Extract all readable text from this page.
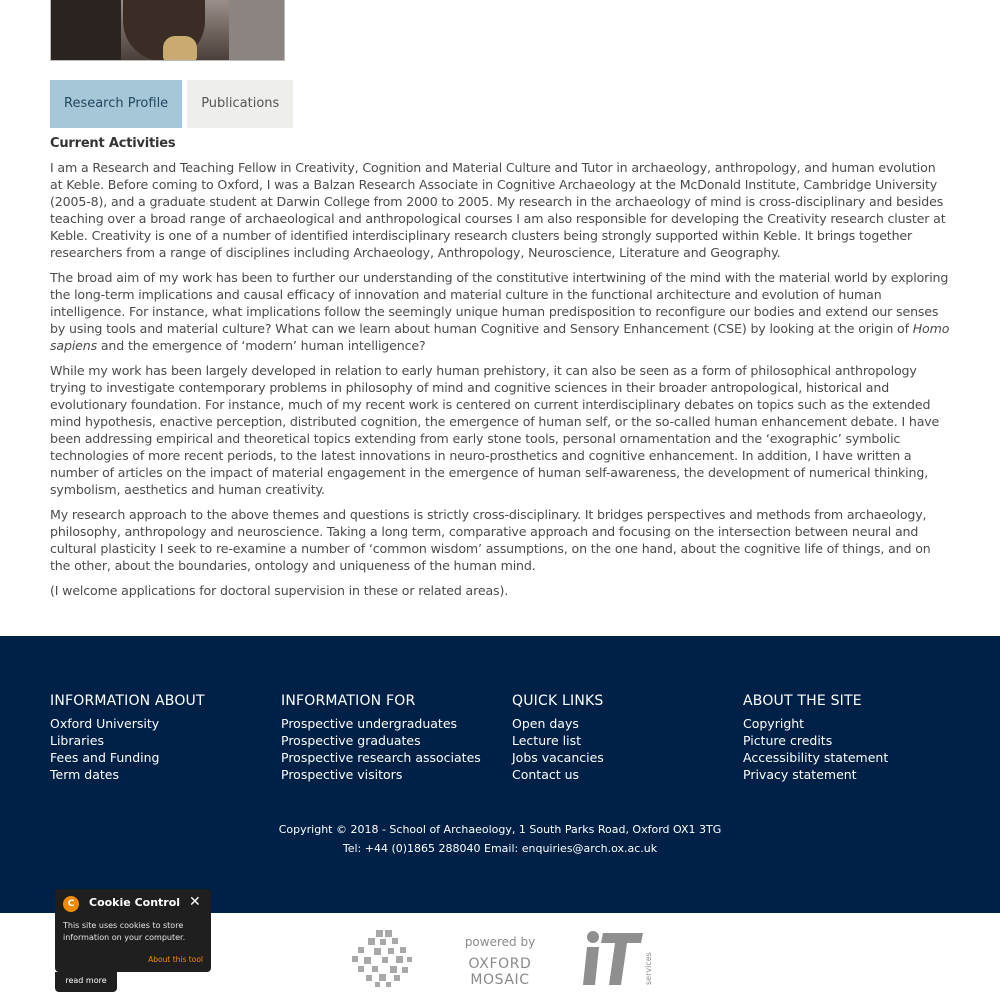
Research Profile	Publications
Current Activities

I am a Research and Teaching Fellow in Creativity, Cognition and Material Culture and Tutor in archaeology, anthropology, and human evolution at Keble. Before coming to Oxford, I was a Balzan Research Associate in Cognitive Archaeology at the McDonald Institute, Cambridge University (2005-8), and a graduate student at Darwin College from 2000 to 2005. My research in the archaeology of mind is cross-disciplinary and besides teaching over a broad range of archaeological and anthropological courses I am also responsible for developing the Creativity research cluster at Keble. Creativity is one of a number of identified interdisciplinary research clusters being strongly supported within Keble. It brings together researchers from a range of disciplines including Archaeology, Anthropology, Neuroscience, Literature and Geography.

The broad aim of my work has been to further our understanding of the constitutive intertwining of the mind with the material world by exploring the long-term implications and causal efficacy of innovation and material culture in the functional architecture and evolution of human intelligence. For instance, what implications follow the seemingly unique human predisposition to reconfigure our bodies and extend our senses by using tools and material culture? What can we learn about human Cognitive and Sensory Enhancement (CSE) by looking at the origin of Homo sapiens and the emergence of ‘modern’ human intelligence?

While my work has been largely developed in relation to early human prehistory, it can also be seen as a form of philosophical anthropology trying to investigate contemporary problems in philosophy of mind and cognitive sciences in their broader antropological, historical and evolutionary foundation. For instance, much of my recent work is centered on current interdisciplinary debates on topics such as the extended mind hypothesis, enactive perception, distributed cognition, the emergence of human self, or the so-called human enhancement debate. I have been addressing empirical and theoretical topics extending from early stone tools, personal ornamentation and the ‘exographic’ symbolic technologies of more recent periods, to the latest innovations in neuro-prosthetics and cognitive enhancement. In addition, I have written a number of articles on the impact of material engagement in the emergence of human self-awareness, the development of numerical thinking, symbolism, aesthetics and human creativity.

My research approach to the above themes and questions is strictly cross-disciplinary. It bridges perspectives and methods from archaeology, philosophy, anthropology and neuroscience. Taking a long term, comparative approach and focusing on the intersection between neural and cultural plasticity I seek to re-examine a number of ‘common wisdom’ assumptions, on the one hand, about the cognitive life of things, and on the other, about the boundaries, ontology and uniqueness of the human mind.

(I welcome applications for doctoral supervision in these or related areas).

INFORMATION ABOUT
Oxford University
Libraries
Fees and Funding
Term dates
INFORMATION FOR
Prospective undergraduates
Prospective graduates
Prospective research associates
Prospective visitors
QUICK LINKS
Open days
Lecture list
Jobs vacancies
Contact us
ABOUT THE SITE
Copyright
Picture credits
Accessibility statement
Privacy statement
Copyright © 2018 - School of Archaeology, 1 South Parks Road, Oxford OX1 3TG
Tel: +44 (0)1865 288040 Email: enquiries@arch.ox.ac.uk
powered by
OXFORD MOSAIC	services
C	Cookie Control ✕
This site uses cookies to store information on your computer.
About this tool
read more
